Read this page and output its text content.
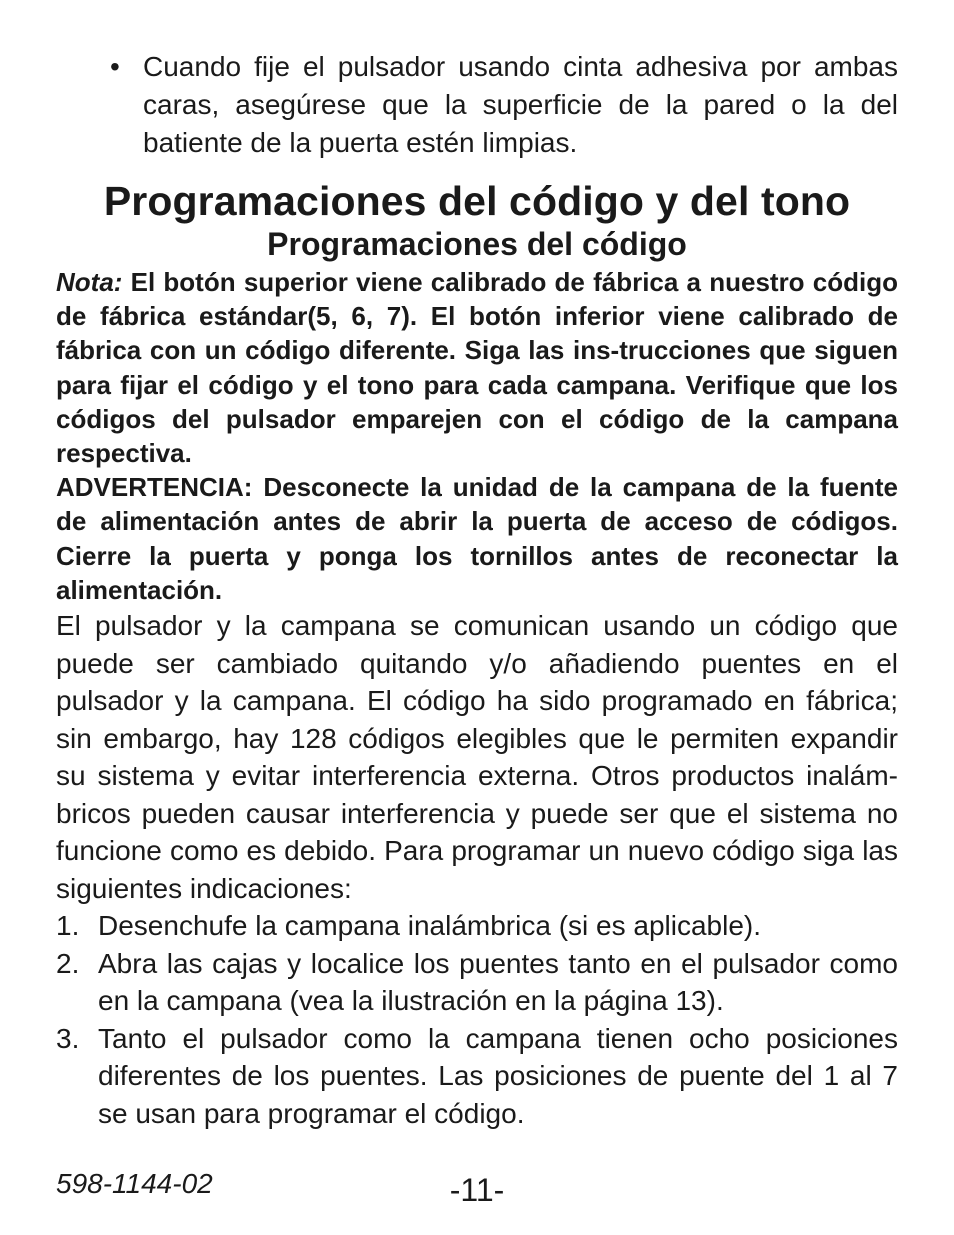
• Cuando fije el pulsador usando cinta adhesiva por ambas caras, asegúrese que la superficie de la pared o la del batiente de la puerta estén limpias.
Programaciones del código y del tono
Programaciones del código

Nota: El botón superior viene calibrado de fábrica a nuestro código de fábrica estándar(5, 6, 7). El botón inferior viene calibrado de fábrica con un código diferente. Siga las ins-trucciones que siguen para fijar el código y el tono para cada campana. Verifique que los códigos del pulsador emparejen con el código de la campana respectiva.

ADVERTENCIA: Desconecte la unidad de la campana de la fuente de alimentación antes de abrir la puerta de acceso de códigos. Cierre la puerta y ponga los tornillos antes de reconectar la alimentación.

El pulsador y la campana se comunican usando un código que puede ser cambiado quitando y/o añadiendo puentes en el pulsador y la campana. El código ha sido programado en fábrica; sin embargo, hay 128 códigos elegibles que le permiten expandir su sistema y evitar interferencia externa. Otros productos inalám-bricos pueden causar interferencia y puede ser que el sistema no funcione como es debido. Para programar un nuevo código siga las siguientes indicaciones:

1. Desenchufe la campana inalámbrica (si es aplicable).
2. Abra las cajas y localice los puentes tanto en el pulsador como en la campana (vea la ilustración en la página 13).
3. Tanto el pulsador como la campana tienen ocho posiciones diferentes de los puentes. Las posiciones de puente del 1 al 7 se usan para programar el código.
598-1144-02	-11-
